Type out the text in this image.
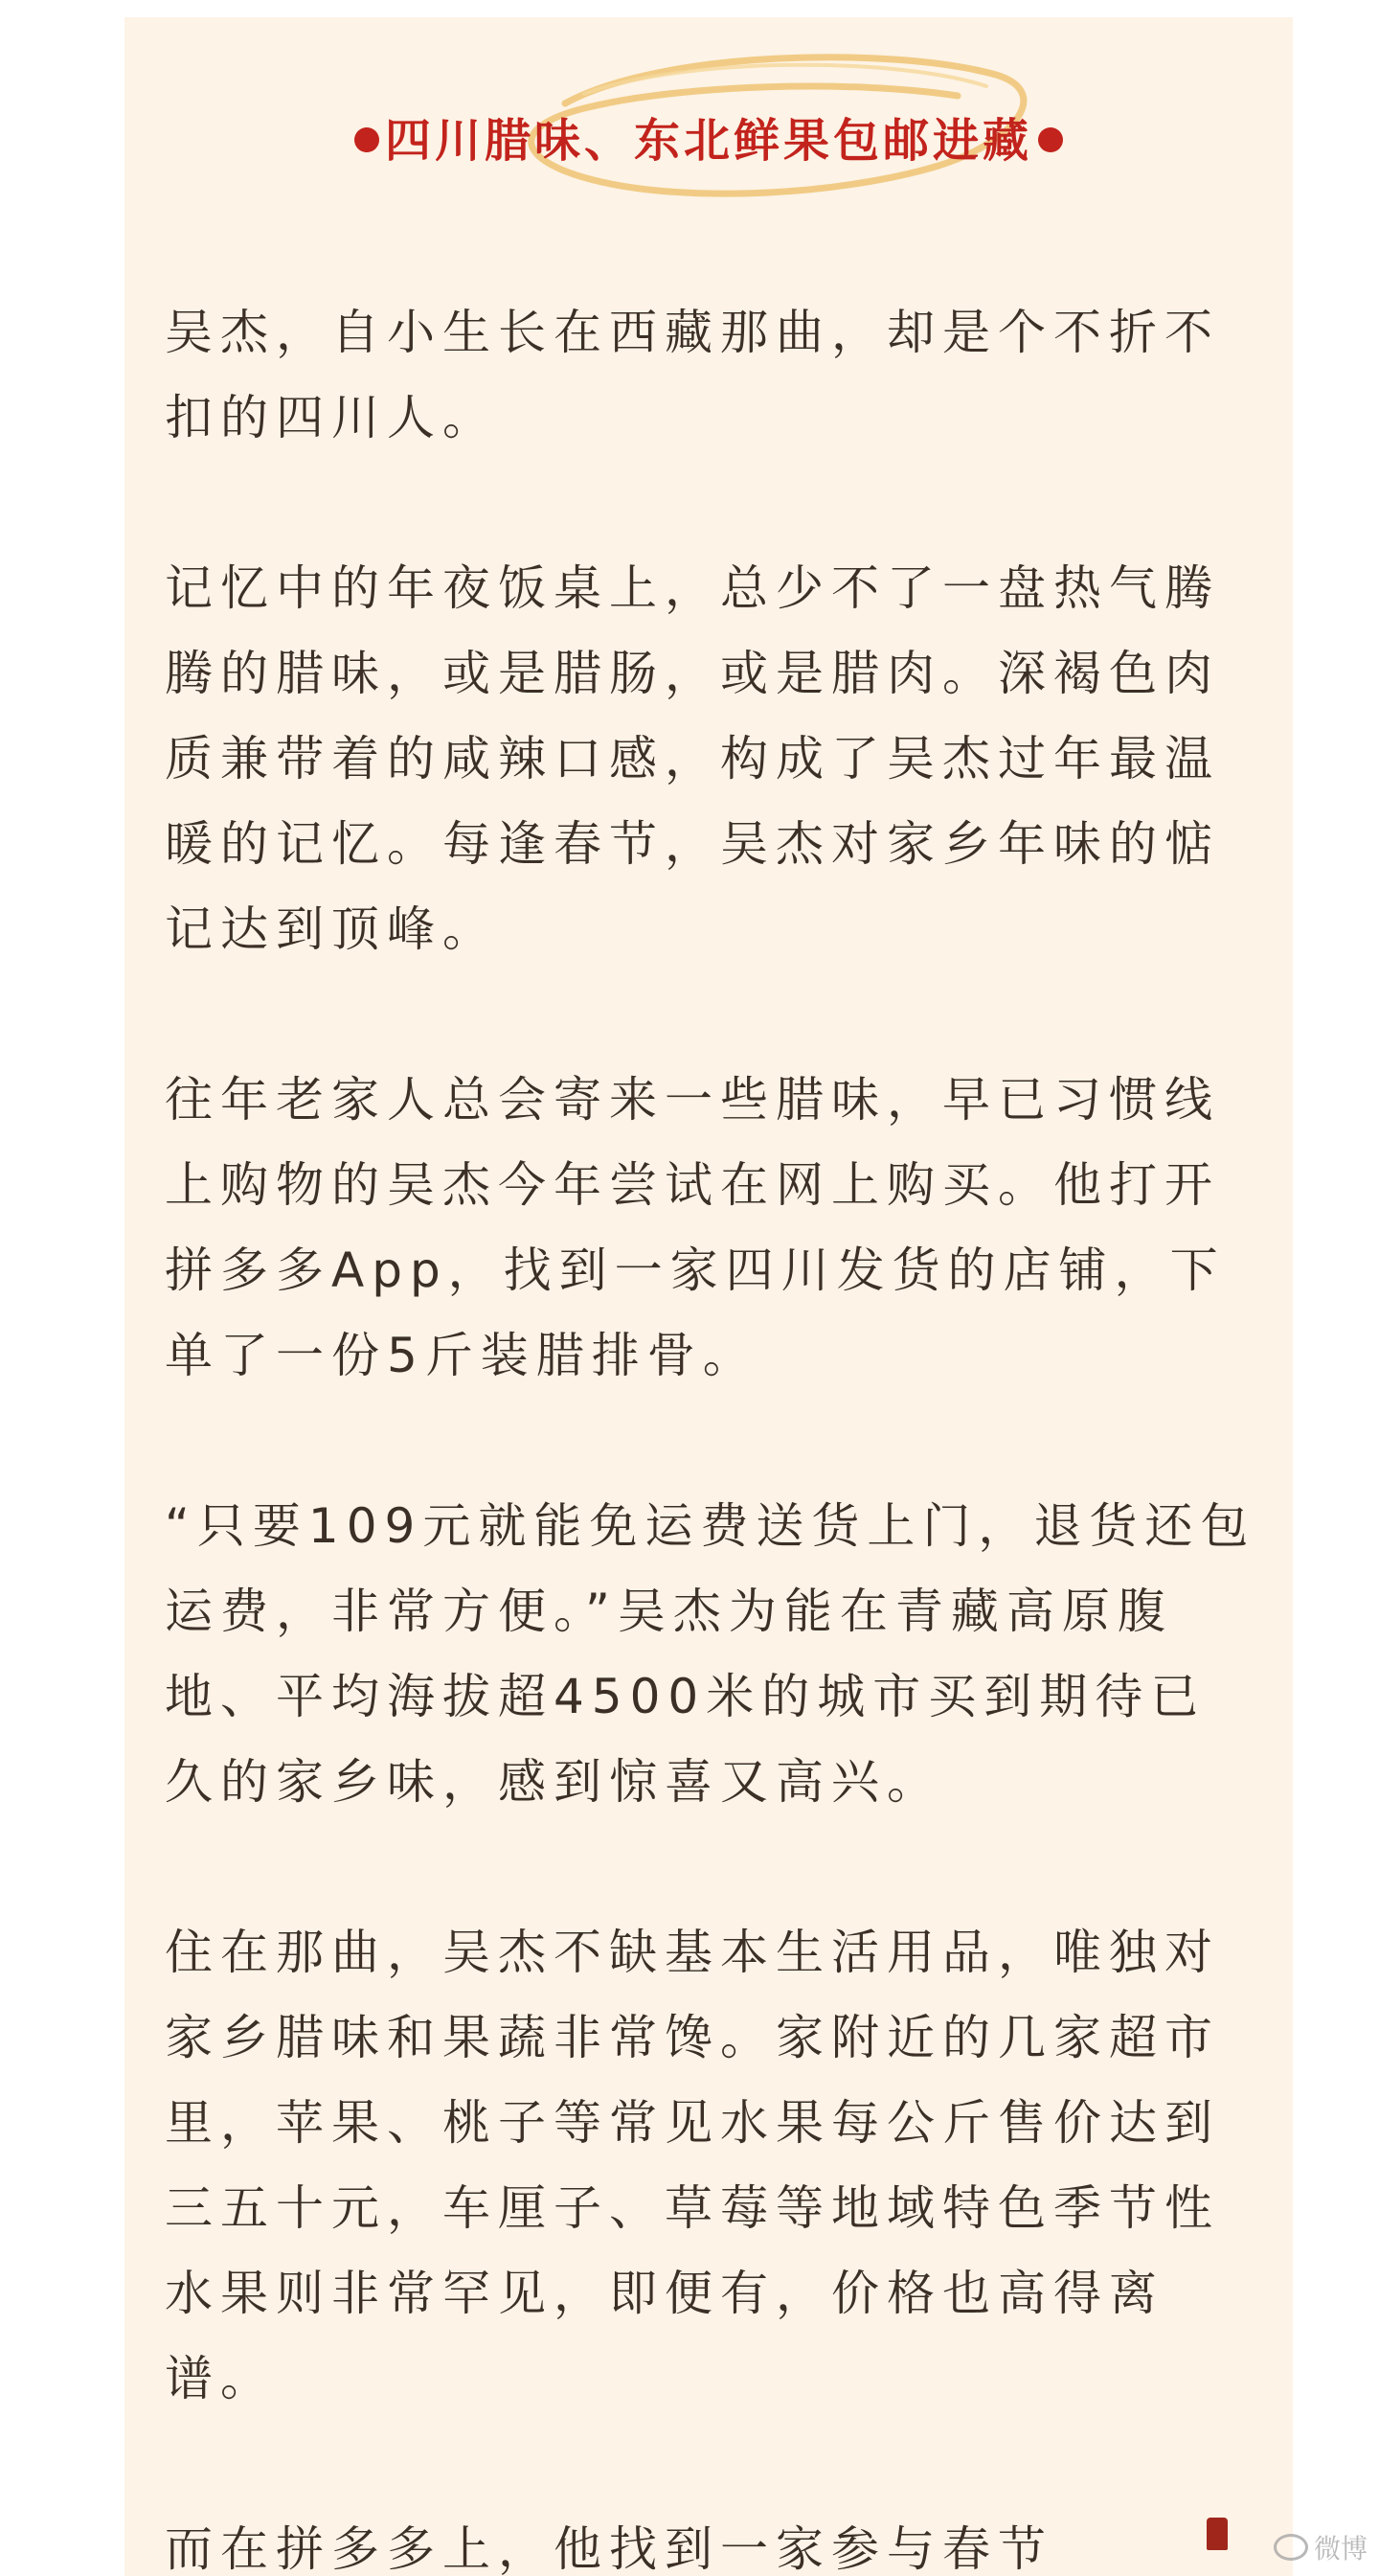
四川腊味、东北鲜果包邮进藏

吴杰，自小生长在西藏那曲，却是个不折不扣的四川人。

记忆中的年夜饭桌上，总少不了一盘热气腾腾的腊味，或是腊肠，或是腊肉。深褐色肉质兼带着的咸辣口感，构成了吴杰过年最温暖的记忆。每逢春节，吴杰对家乡年味的惦记达到顶峰。

往年老家人总会寄来一些腊味，早已习惯线上购物的吴杰今年尝试在网上购买。他打开拼多多App，找到一家四川发货的店铺，下单了一份5斤装腊排骨。

“只要109元就能免运费送货上门，退货还包运费，非常方便。”吴杰为能在青藏高原腹地、平均海拔超4500米的城市买到期待已久的家乡味，感到惊喜又高兴。

住在那曲，吴杰不缺基本生活用品，唯独对家乡腊味和果蔬非常馋。家附近的几家超市里，苹果、桃子等常见水果每公斤售价达到三五十元，车厘子、草莓等地域特色季节性水果则非常罕见，即便有，价格也高得离谱。

而在拼多多上，他找到一家参与春节	微博
